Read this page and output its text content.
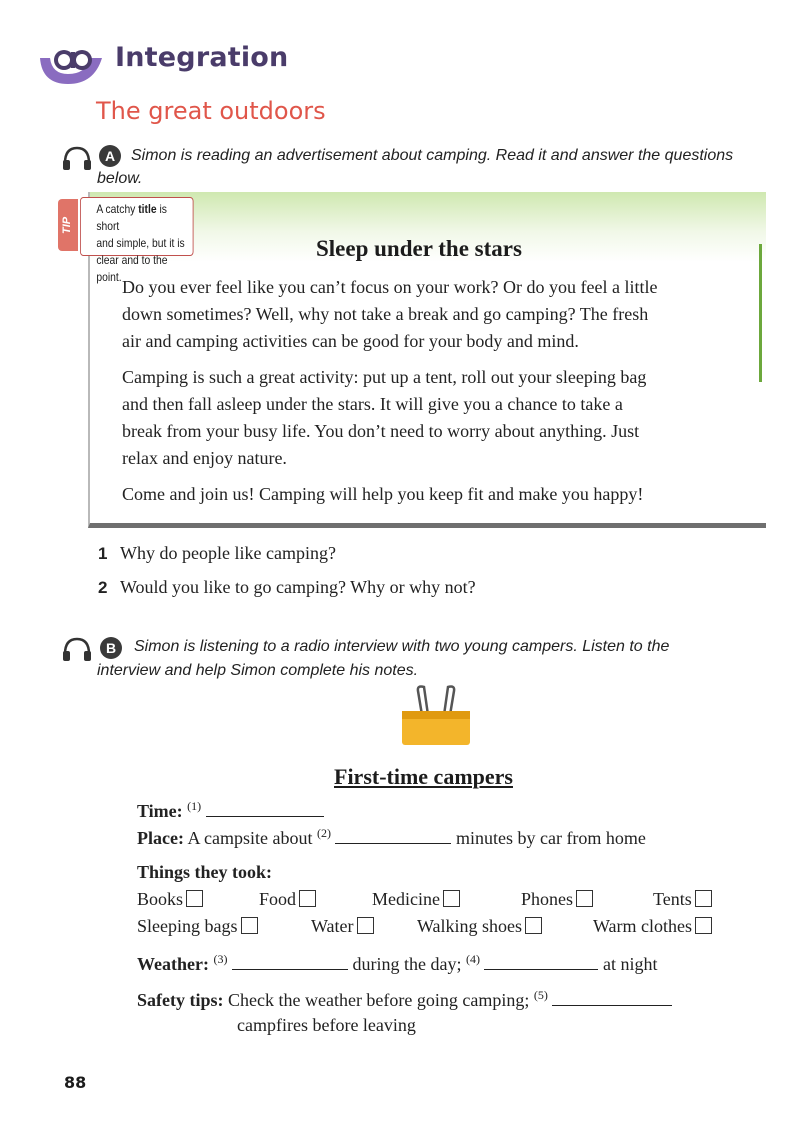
Integration
The great outdoors
A Simon is reading an advertisement about camping. Read it and answer the questions
below.
TIP
A catchy title is short
and simple, but it is
clear and to the point.
Sleep under the stars
Do you ever feel like you can’t focus on your work? Or do you feel a little
down sometimes? Well, why not take a break and go camping? The fresh
air and camping activities can be good for your body and mind.
Camping is such a great activity: put up a tent, roll out your sleeping bag
and then fall asleep under the stars. It will give you a chance to take a
break from your busy life. You don’t need to worry about anything. Just
relax and enjoy nature.
Come and join us! Camping will help you keep fit and make you happy!
1 Why do people like camping?
2 Would you like to go camping? Why or why not?
B	Simon is listening to a radio interview with two young campers. Listen to the
interview and help Simon complete his notes.
First-time campers
Time: $^{(1)}$
Place: A campsite about $^{(2)}$	minutes by car from home
Things they took:
Books	Food	Medicine	Phones	Tents
Sleeping bags	Water	Walking shoes	Warm clothes
Weather: $^{(3)}$	during the day; $^{(4)}$	at night
Safety tips: Check the weather before going camping; $^{(5)}$
campfires before leaving
88
